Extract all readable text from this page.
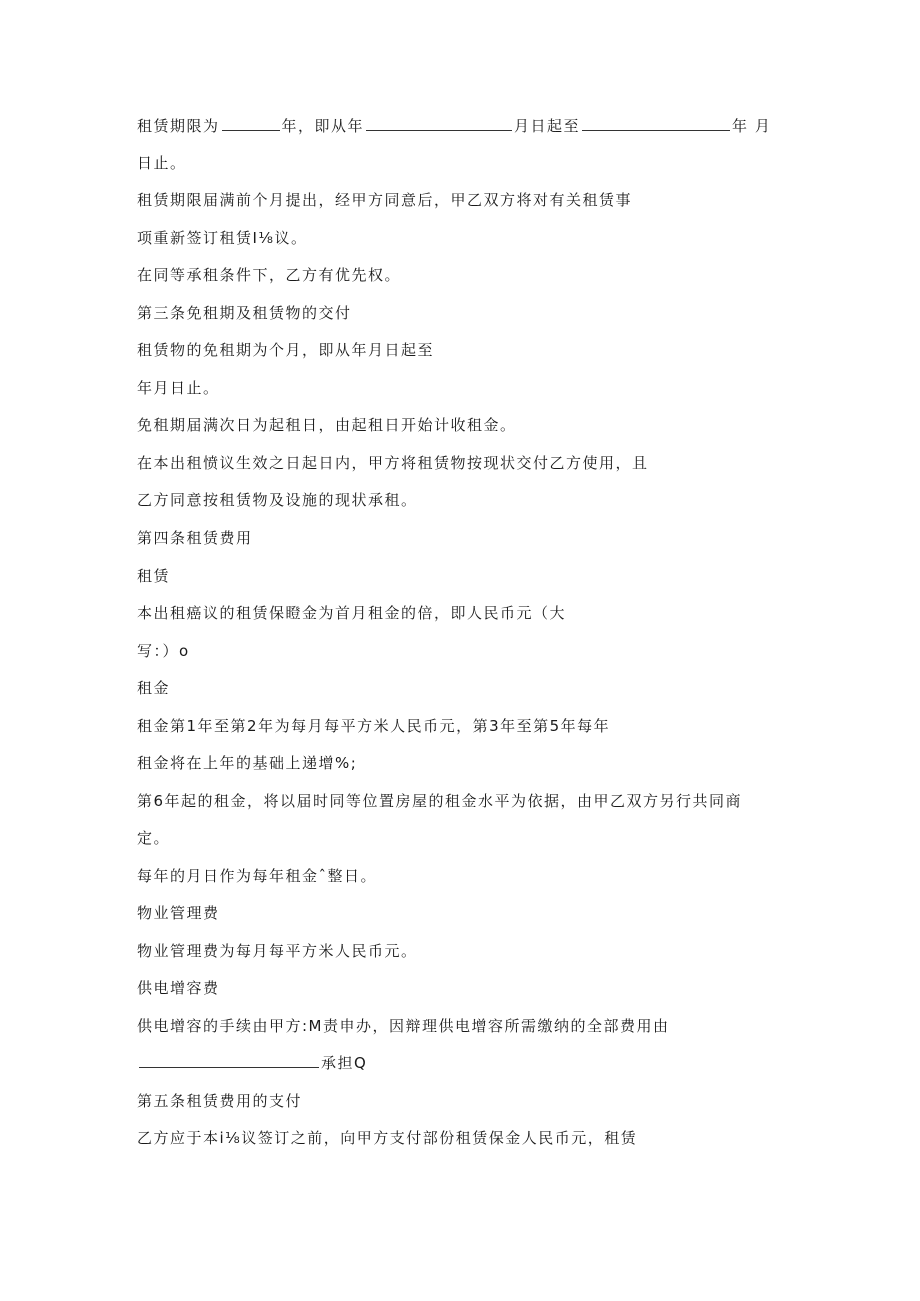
租赁期限为	年，即从年	月日起至	年 月
日止。
租赁期限届满前个月提出，经甲方同意后，甲乙双方将对有关租赁事
项重新签订租赁I⅛议。
在同等承租条件下，乙方有优先权。
第三条免租期及租赁物的交付
租赁物的免租期为个月，即从年月日起至
年月日止。
免租期届满次日为起租日，由起租日开始计收租金。
在本出租愤议生效之日起日内，甲方将租赁物按现状交付乙方使用，且
乙方同意按租赁物及设施的现状承租。
第四条租赁费用
租赁
本出租癌议的租赁保瞪金为首月租金的倍，即人民币元（大
写：）o
租金
租金第1年至第2年为每月每平方米人民币元，第3年至第5年每年
租金将在上年的基础上递增%;
第6年起的租金，将以届时同等位置房屋的租金水平为依据，由甲乙双方另行共同商
定。
每年的月日作为每年租金ˆ整日。
物业管理费
物业管理费为每月每平方米人民币元。
供电增容费
供电增容的手续由甲方:M责申办，因辩理供电增容所需缴纳的全部费用由
承担Q
第五条租赁费用的支付
乙方应于本i⅛议签订之前，向甲方支付部份租赁保金人民币元，租赁
